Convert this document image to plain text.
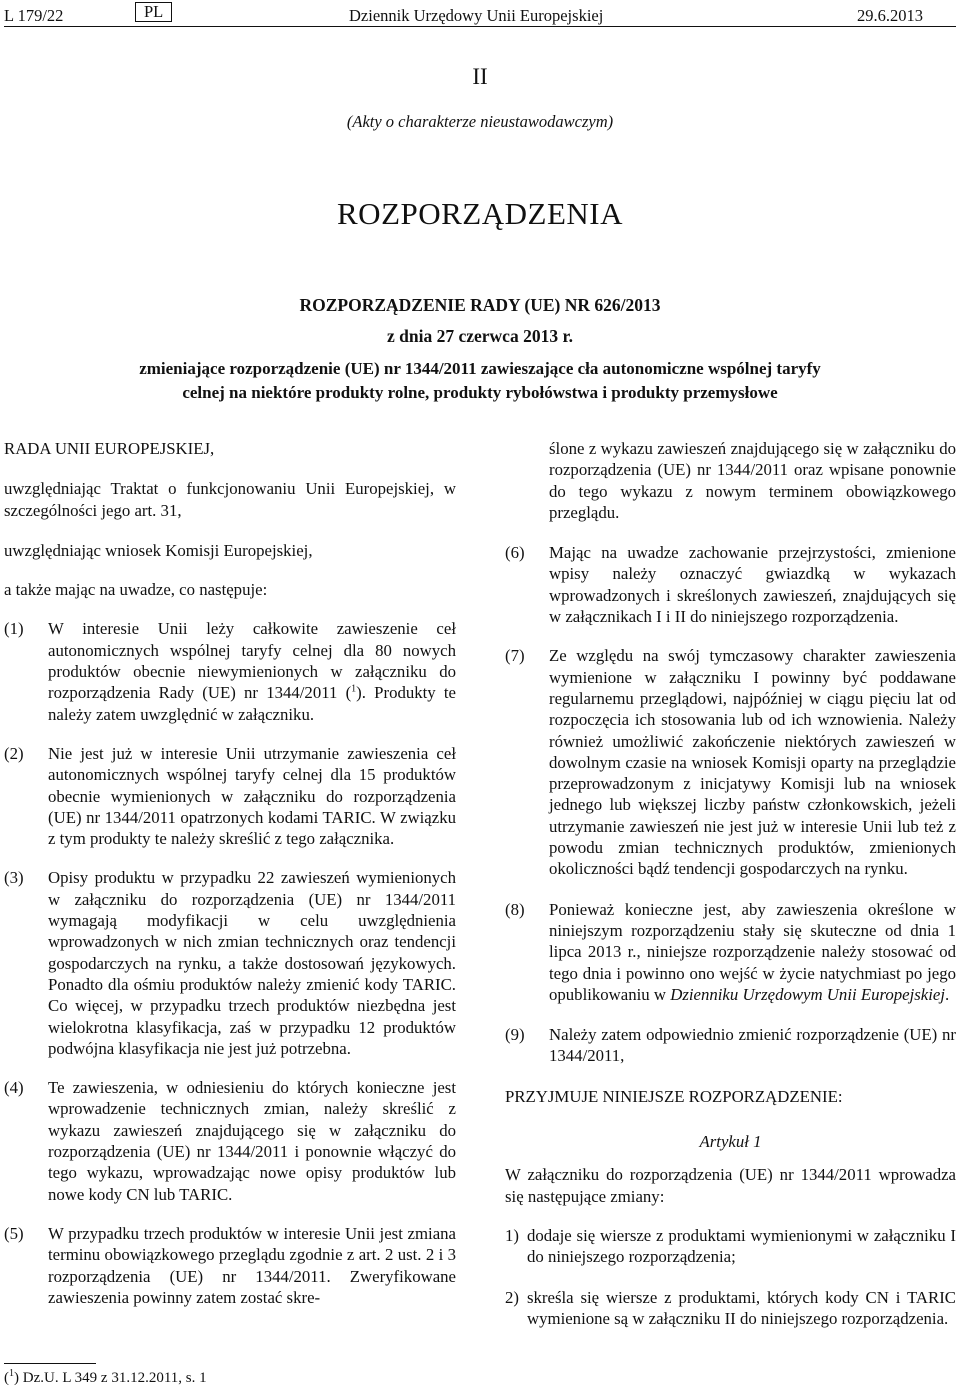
L 179/22	PL	Dziennik Urzędowy Unii Europejskiej	29.6.2013
II
(Akty o charakterze nieustawodawczym)
ROZPORZĄDZENIA
ROZPORZĄDZENIE RADY (UE) NR 626/2013
z dnia 27 czerwca 2013 r.
zmieniające rozporządzenie (UE) nr 1344/2011 zawieszające cła autonomiczne wspólnej taryfy
celnej na niektóre produkty rolne, produkty rybołówstwa i produkty przemysłowe

RADA UNII EUROPEJSKIEJ,

uwzględniając Traktat o funkcjonowaniu Unii Europejskiej, w szczególności jego art. 31,

uwzględniając wniosek Komisji Europejskiej,

a także mając na uwadze, co następuje:

(1) W interesie Unii leży całkowite zawieszenie ceł autonomicznych wspólnej taryfy celnej dla 80 nowych produktów obecnie niewymienionych w załączniku do rozporządzenia Rady (UE) nr 1344/2011 ($^1$). Produkty te należy zatem uwzględnić w załączniku.
(2) Nie jest już w interesie Unii utrzymanie zawieszenia ceł autonomicznych wspólnej taryfy celnej dla 15 produktów obecnie wymienionych w załączniku do rozporządzenia (UE) nr 1344/2011 opatrzonych kodami TARIC. W związku z tym produkty te należy skreślić z tego załącznika.
(3) Opisy produktu w przypadku 22 zawieszeń wymienionych w załączniku do rozporządzenia (UE) nr 1344/2011 wymagają modyfikacji w celu uwzględnienia wprowadzonych w nich zmian technicznych oraz tendencji gospodarczych na rynku, a także dostosowań językowych. Ponadto dla ośmiu produktów należy zmienić kody TARIC. Co więcej, w przypadku trzech produktów niezbędna jest wielokrotna klasyfikacja, zaś w przypadku 12 produktów podwójna klasyfikacja nie jest już potrzebna.
(4) Te zawieszenia, w odniesieniu do których konieczne jest wprowadzenie technicznych zmian, należy skreślić z wykazu zawieszeń znajdującego się w załączniku do rozporządzenia (UE) nr 1344/2011 i ponownie włączyć do tego wykazu, wprowadzając nowe opisy produktów lub nowe kody CN lub TARIC.
(5) W przypadku trzech produktów w interesie Unii jest zmiana terminu obowiązkowego przeglądu zgodnie z art. 2 ust. 2 i 3 rozporządzenia (UE) nr 1344/2011. Zweryfikowane zawieszenia powinny zatem zostać skre-
ślone z wykazu zawieszeń znajdującego się w załączniku do rozporządzenia (UE) nr 1344/2011 oraz wpisane ponownie do tego wykazu z nowym terminem obowiązkowego przeglądu.
(6) Mając na uwadze zachowanie przejrzystości, zmienione wpisy należy oznaczyć gwiazdką w wykazach wprowadzonych i skreślonych zawieszeń, znajdujących się w załącznikach I i II do niniejszego rozporządzenia.
(7) Ze względu na swój tymczasowy charakter zawieszenia wymienione w załączniku I powinny być poddawane regularnemu przeglądowi, najpóźniej w ciągu pięciu lat od rozpoczęcia ich stosowania lub od ich wznowienia. Należy również umożliwić zakończenie niektórych zawieszeń w dowolnym czasie na wniosek Komisji oparty na przeglądzie przeprowadzonym z inicjatywy Komisji lub na wniosek jednego lub większej liczby państw członkowskich, jeżeli utrzymanie zawieszeń nie jest już w interesie Unii lub też z powodu zmian technicznych produktów, zmienionych okoliczności bądź tendencji gospodarczych na rynku.
(8) Ponieważ konieczne jest, aby zawieszenia określone w niniejszym rozporządzeniu stały się skuteczne od dnia 1 lipca 2013 r., niniejsze rozporządzenie należy stosować od tego dnia i powinno ono wejść w życie natychmiast po jego opublikowaniu w Dzienniku Urzędowym Unii Europejskiej.
(9) Należy zatem odpowiednio zmienić rozporządzenie (UE) nr 1344/2011,

PRZYJMUJE NINIEJSZE ROZPORZĄDZENIE:

Artykuł 1

W załączniku do rozporządzenia (UE) nr 1344/2011 wprowadza się następujące zmiany:

1) dodaje się wiersze z produktami wymienionymi w załączniku I do niniejszego rozporządzenia;
2) skreśla się wiersze z produktami, których kody CN i TARIC wymienione są w załączniku II do niniejszego rozporządzenia.
($^1$) Dz.U. L 349 z 31.12.2011, s. 1
